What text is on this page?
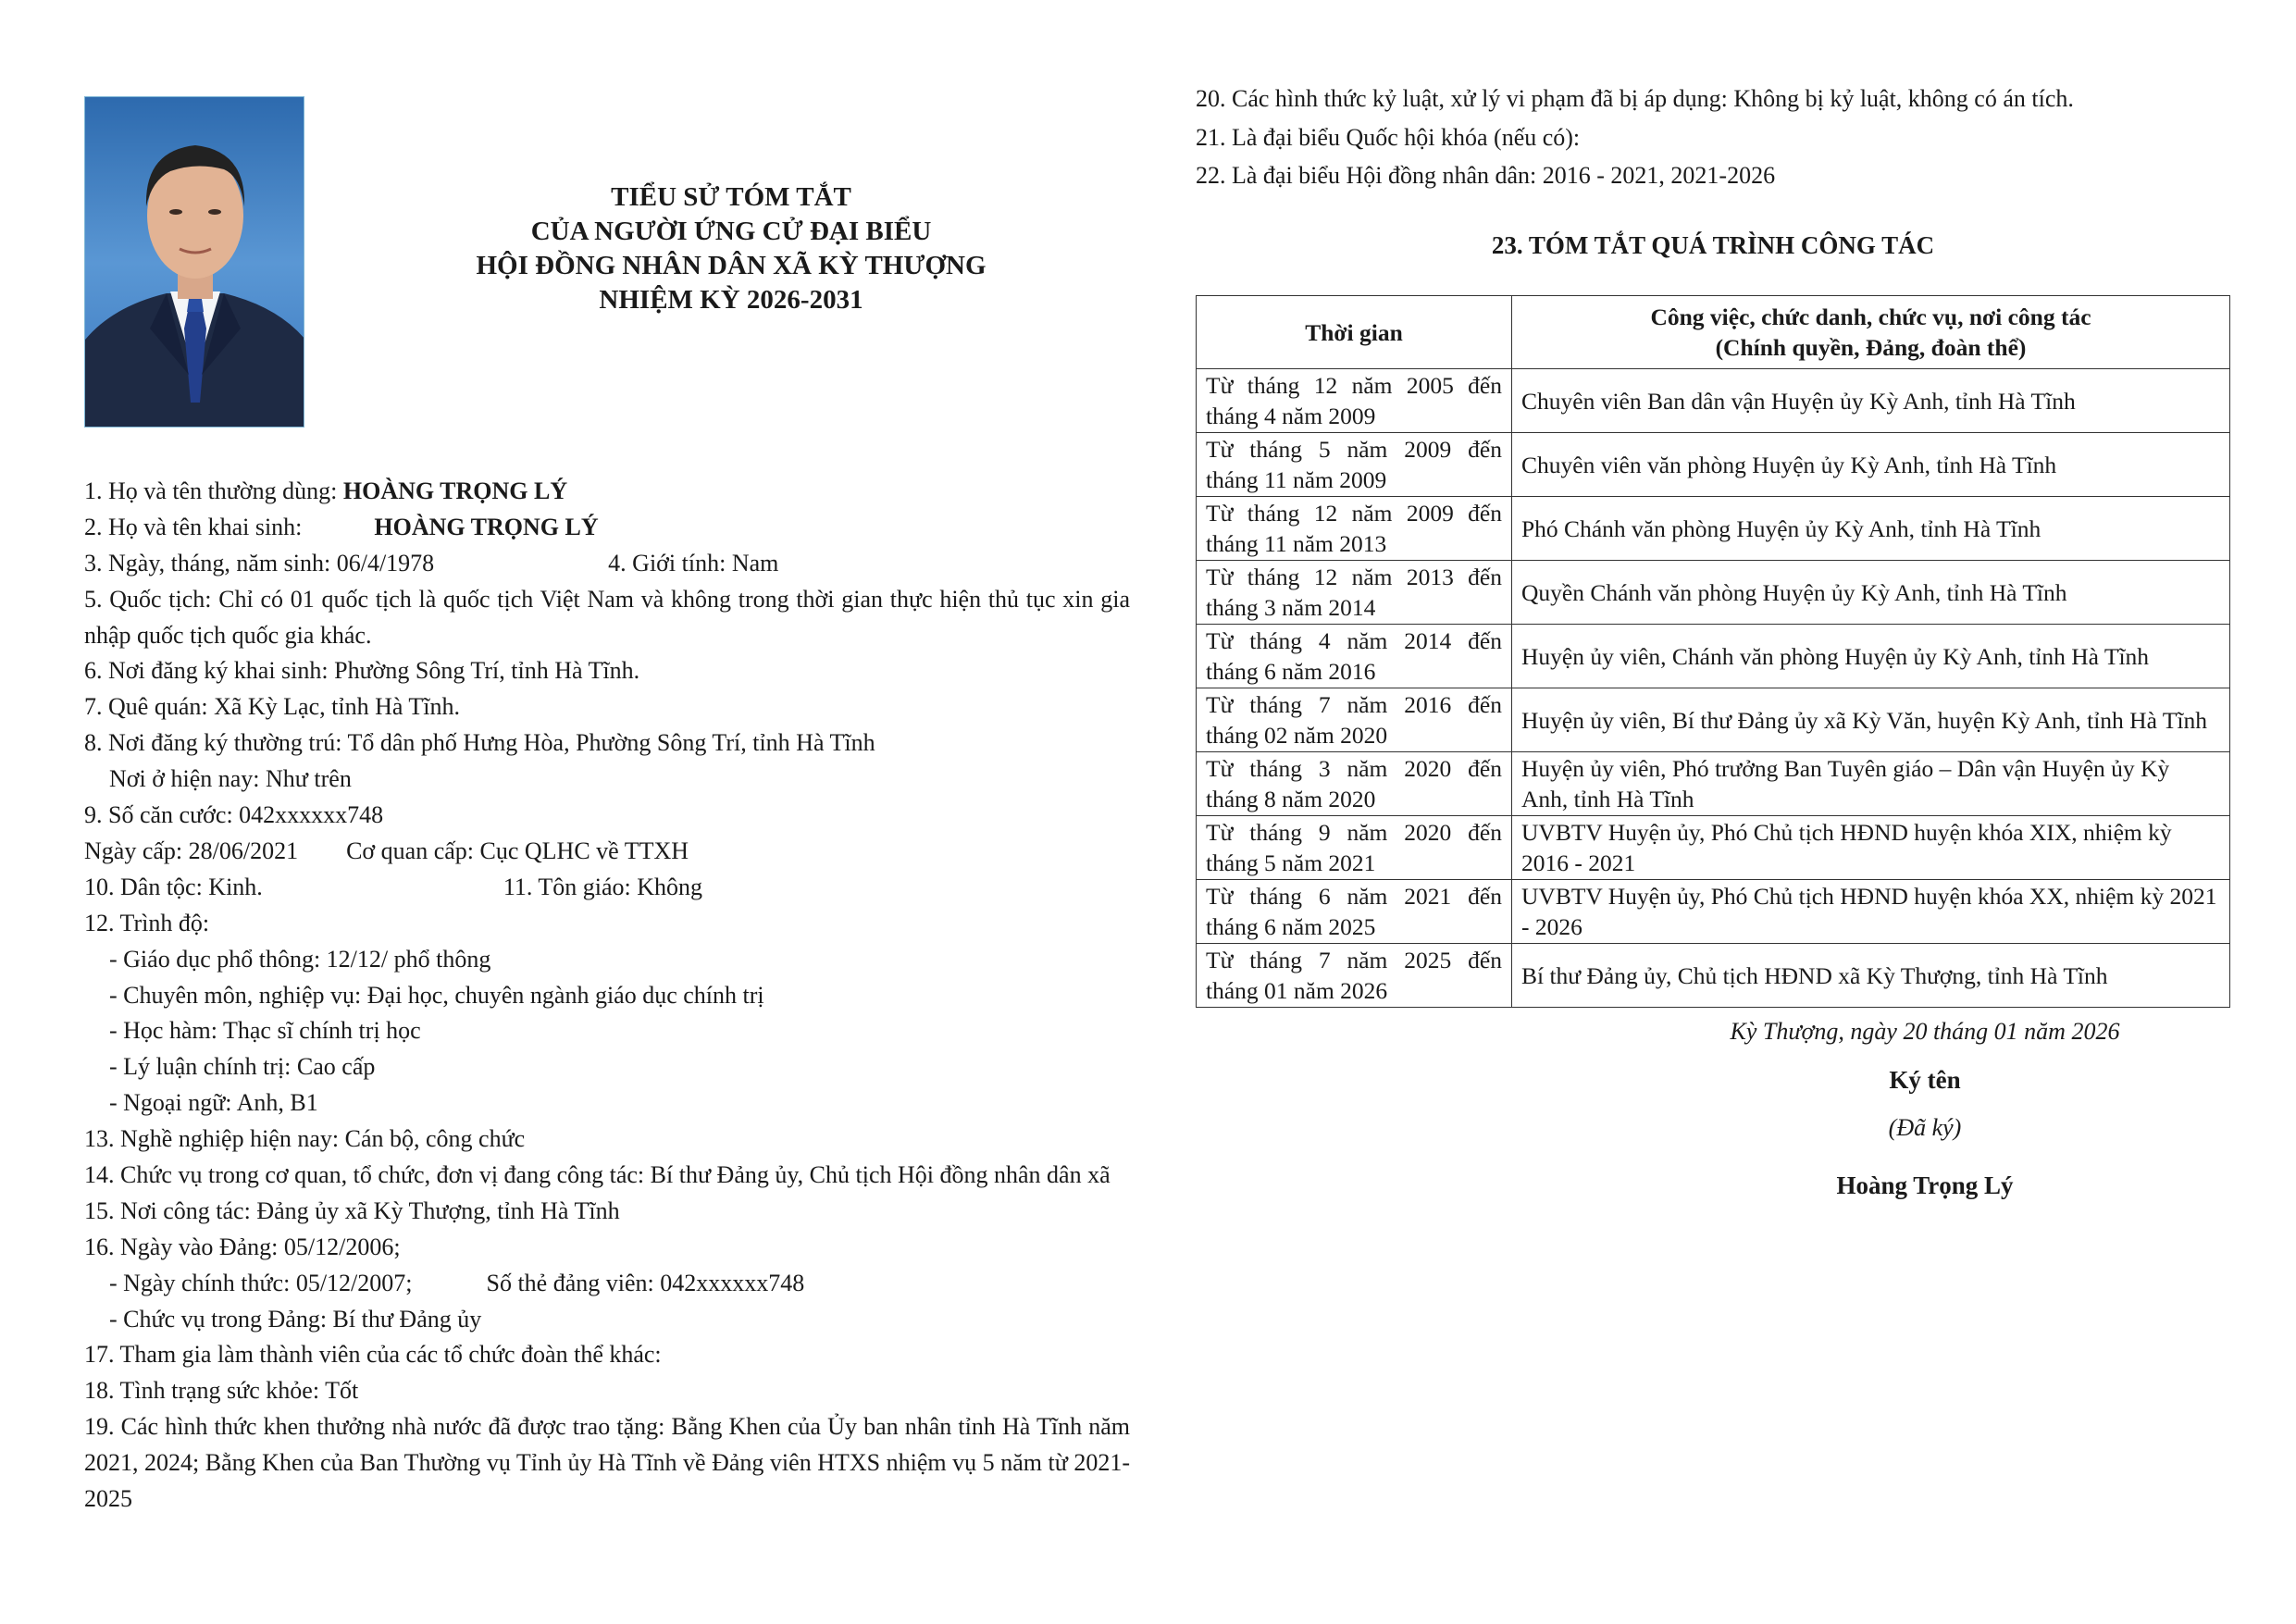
TIỂU SỬ TÓM TẮT
CỦA NGƯỜI ỨNG CỬ ĐẠI BIỂU
HỘI ĐỒNG NHÂN DÂN XÃ KỲ THƯỢNG
NHIỆM KỲ 2026-2031
1. Họ và tên thường dùng: HOÀNG TRỌNG LÝ
2. Họ và tên khai sinh:	HOÀNG TRỌNG LÝ
3. Ngày, tháng, năm sinh: 06/4/1978	4. Giới tính: Nam
5. Quốc tịch: Chỉ có 01 quốc tịch là quốc tịch Việt Nam và không trong thời gian thực hiện thủ tục xin gia nhập quốc tịch quốc gia khác.
6. Nơi đăng ký khai sinh: Phường Sông Trí, tỉnh Hà Tĩnh.
7. Quê quán: Xã Kỳ Lạc, tỉnh Hà Tĩnh.
8. Nơi đăng ký thường trú: Tổ dân phố Hưng Hòa, Phường Sông Trí, tỉnh Hà Tĩnh
Nơi ở hiện nay: Như trên
9. Số căn cước: 042xxxxxx748
Ngày cấp: 28/06/2021 Cơ quan cấp: Cục QLHC về TTXH
10. Dân tộc: Kinh.	11. Tôn giáo: Không
12. Trình độ:
- Giáo dục phổ thông: 12/12/ phổ thông
- Chuyên môn, nghiệp vụ: Đại học, chuyên ngành giáo dục chính trị
- Học hàm: Thạc sĩ chính trị học
- Lý luận chính trị: Cao cấp
- Ngoại ngữ: Anh, B1
13. Nghề nghiệp hiện nay: Cán bộ, công chức
14. Chức vụ trong cơ quan, tổ chức, đơn vị đang công tác: Bí thư Đảng ủy, Chủ tịch Hội đồng nhân dân xã
15. Nơi công tác: Đảng ủy xã Kỳ Thượng, tỉnh Hà Tĩnh
16. Ngày vào Đảng: 05/12/2006;
- Ngày chính thức: 05/12/2007;	Số thẻ đảng viên: 042xxxxxx748
- Chức vụ trong Đảng: Bí thư Đảng ủy
17. Tham gia làm thành viên của các tổ chức đoàn thể khác:
18. Tình trạng sức khỏe: Tốt
19. Các hình thức khen thưởng nhà nước đã được trao tặng: Bằng Khen của Ủy ban nhân tỉnh Hà Tĩnh năm 2021, 2024; Bằng Khen của Ban Thường vụ Tỉnh ủy Hà Tĩnh về Đảng viên HTXS nhiệm vụ 5 năm từ 2021-2025
20. Các hình thức kỷ luật, xử lý vi phạm đã bị áp dụng: Không bị kỷ luật, không có án tích.
21. Là đại biểu Quốc hội khóa (nếu có):
22. Là đại biểu Hội đồng nhân dân: 2016 - 2021, 2021-2026
23. TÓM TẮT QUÁ TRÌNH CÔNG TÁC
Thời gian	Công việc, chức danh, chức vụ, nơi công tác
(Chính quyền, Đảng, đoàn thể)

Từ tháng 12 năm 2005 đến tháng 4 năm 2009	Chuyên viên Ban dân vận Huyện ủy Kỳ Anh, tỉnh Hà Tĩnh
Từ tháng 5 năm 2009 đến tháng 11 năm 2009	Chuyên viên văn phòng Huyện ủy Kỳ Anh, tỉnh Hà Tĩnh
Từ tháng 12 năm 2009 đến tháng 11 năm 2013	Phó Chánh văn phòng Huyện ủy Kỳ Anh, tỉnh Hà Tĩnh
Từ tháng 12 năm 2013 đến tháng 3 năm 2014	Quyền Chánh văn phòng Huyện ủy Kỳ Anh, tỉnh Hà Tĩnh
Từ tháng 4 năm 2014 đến tháng 6 năm 2016	Huyện ủy viên, Chánh văn phòng Huyện ủy Kỳ Anh, tỉnh Hà Tĩnh
Từ tháng 7 năm 2016 đến tháng 02 năm 2020	Huyện ủy viên, Bí thư Đảng ủy xã Kỳ Văn, huyện Kỳ Anh, tỉnh Hà Tĩnh
Từ tháng 3 năm 2020 đến tháng 8 năm 2020	Huyện ủy viên, Phó trưởng Ban Tuyên giáo – Dân vận Huyện ủy Kỳ Anh, tỉnh Hà Tĩnh
Từ tháng 9 năm 2020 đến tháng 5 năm 2021	UVBTV Huyện ủy, Phó Chủ tịch HĐND huyện khóa XIX, nhiệm kỳ 2016 - 2021
Từ tháng 6 năm 2021 đến tháng 6 năm 2025	UVBTV Huyện ủy, Phó Chủ tịch HĐND huyện khóa XX, nhiệm kỳ 2021 - 2026
Từ tháng 7 năm 2025 đến tháng 01 năm 2026	Bí thư Đảng ủy, Chủ tịch HĐND xã Kỳ Thượng, tỉnh Hà Tĩnh
Kỳ Thượng, ngày 20 tháng 01 năm 2026
Ký tên
(Đã ký)
Hoàng Trọng Lý
